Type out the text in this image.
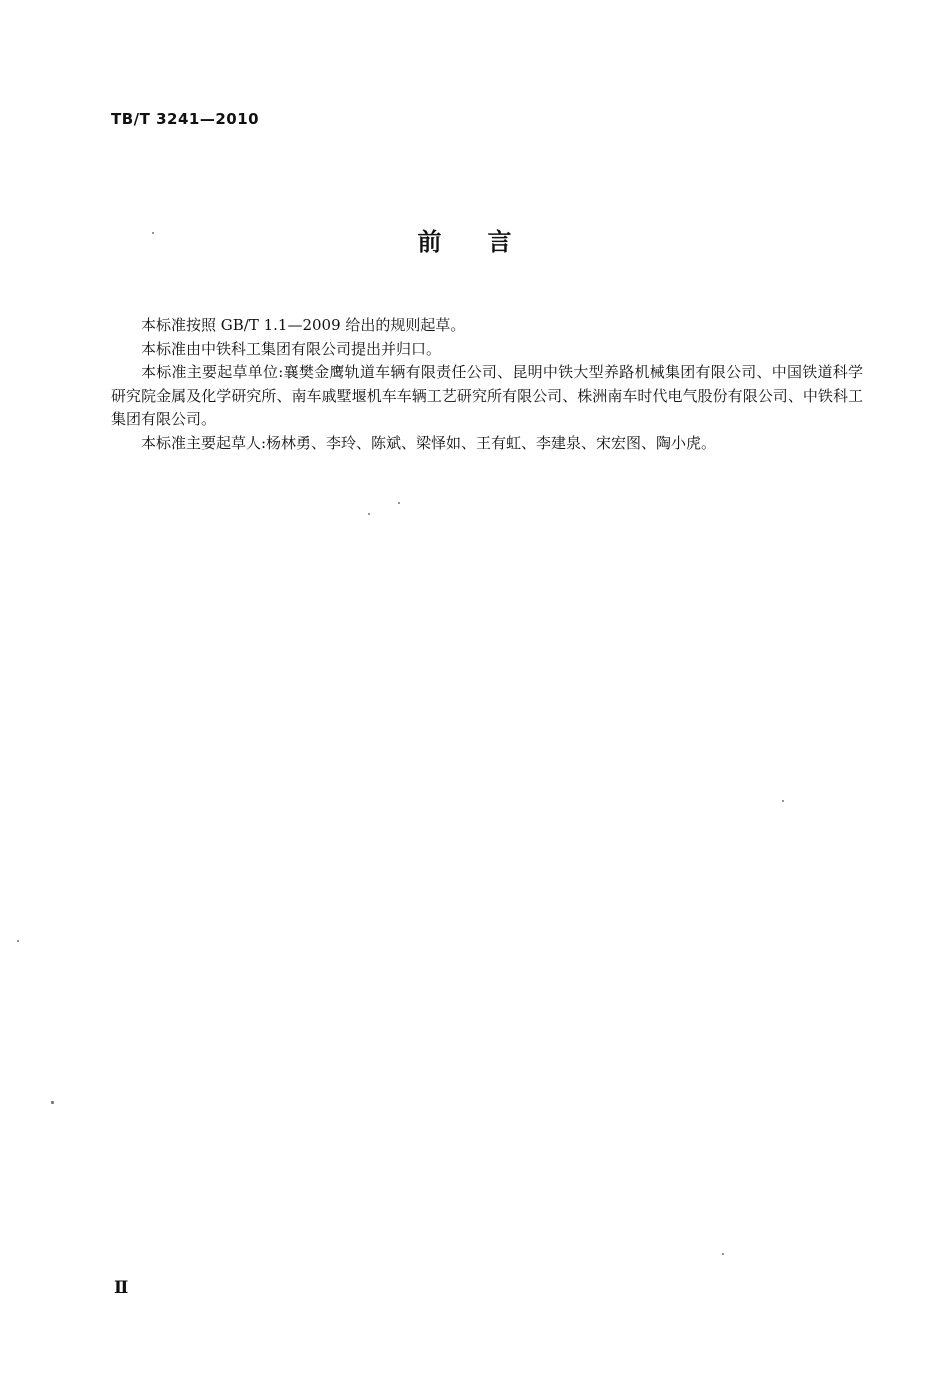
TB/T 3241—2010
前言

本标准按照 GB/T 1.1—2009 给出的规则起草。

本标准由中铁科工集团有限公司提出并归口。

本标准主要起草单位:襄樊金鹰轨道车辆有限责任公司、昆明中铁大型养路机械集团有限公司、中国铁道科学研究院金属及化学研究所、南车戚墅堰机车车辆工艺研究所有限公司、株洲南车时代电气股份有限公司、中铁科工集团有限公司。

本标准主要起草人:杨林勇、李玲、陈斌、梁怿如、王有虹、李建泉、宋宏图、陶小虎。

Ⅱ
